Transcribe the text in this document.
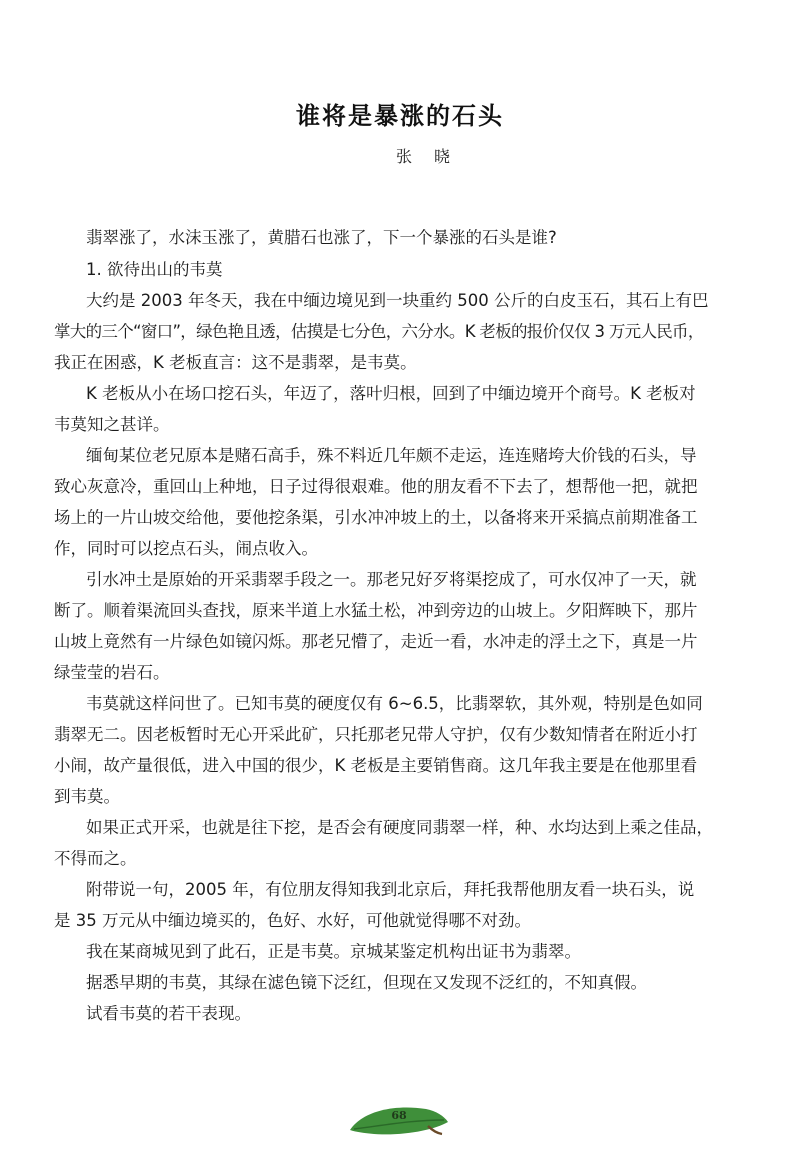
谁将是暴涨的石头
张晓

翡翠涨了，水沫玉涨了，黄腊石也涨了，下一个暴涨的石头是谁?

1. 欲待出山的韦莫

大约是 2003 年冬天，我在中缅边境见到一块重约 500 公斤的白皮玉石，其石上有巴

掌大的三个“窗口”，绿色艳且透，估摸是七分色，六分水。K 老板的报价仅仅 3 万元人民币，

我正在困惑，K 老板直言：这不是翡翠，是韦莫。

K 老板从小在场口挖石头，年迈了，落叶归根，回到了中缅边境开个商号。K 老板对

韦莫知之甚详。

缅甸某位老兄原本是赌石高手，殊不料近几年颇不走运，连连赌垮大价钱的石头，导

致心灰意冷，重回山上种地，日子过得很艰难。他的朋友看不下去了，想帮他一把，就把

场上的一片山坡交给他，要他挖条渠，引水冲冲坡上的土，以备将来开采搞点前期准备工

作，同时可以挖点石头，闹点收入。

引水冲土是原始的开采翡翠手段之一。那老兄好歹将渠挖成了，可水仅冲了一天，就

断了。顺着渠流回头查找，原来半道上水猛土松，冲到旁边的山坡上。夕阳辉映下，那片

山坡上竟然有一片绿色如镜闪烁。那老兄懵了，走近一看，水冲走的浮土之下，真是一片

绿莹莹的岩石。

韦莫就这样问世了。已知韦莫的硬度仅有 6~6.5，比翡翠软，其外观，特别是色如同

翡翠无二。因老板暂时无心开采此矿，只托那老兄带人守护，仅有少数知情者在附近小打

小闹，故产量很低，进入中国的很少，K 老板是主要销售商。这几年我主要是在他那里看

到韦莫。

如果正式开采，也就是往下挖，是否会有硬度同翡翠一样，种、水均达到上乘之佳品，

不得而之。

附带说一句，2005 年，有位朋友得知我到北京后，拜托我帮他朋友看一块石头，说

是 35 万元从中缅边境买的，色好、水好，可他就觉得哪不对劲。

我在某商城见到了此石，正是韦莫。京城某鉴定机构出证书为翡翠。

据悉早期的韦莫，其绿在滤色镜下泛红，但现在又发现不泛红的，不知真假。

试看韦莫的若干表现。

68
